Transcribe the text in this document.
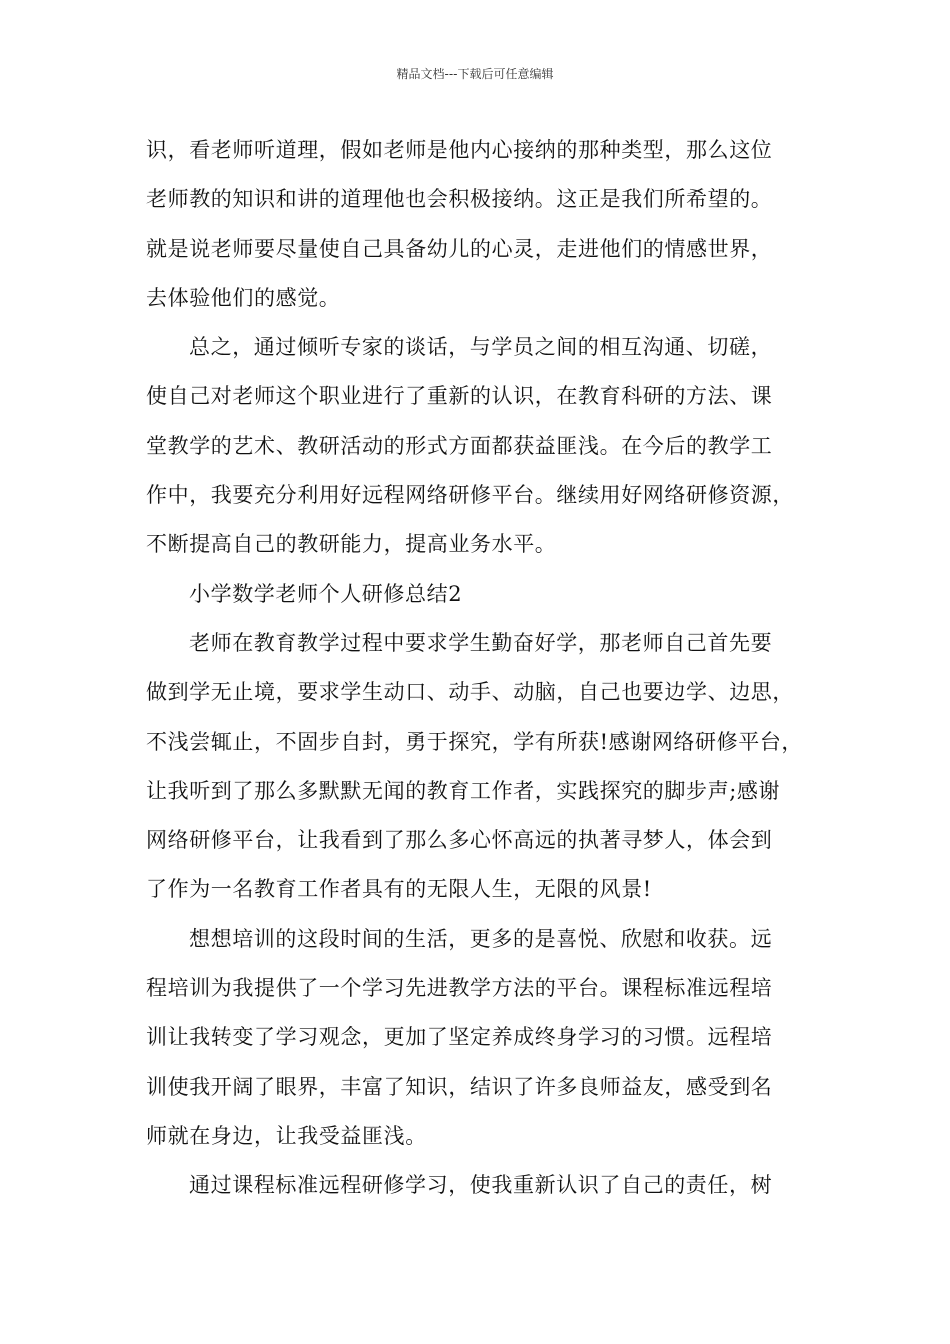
精品文档---下载后可任意编辑
识，看老师听道理，假如老师是他内心接纳的那种类型，那么这位
老师教的知识和讲的道理他也会积极接纳。这正是我们所希望的。
就是说老师要尽量使自己具备幼儿的心灵，走进他们的情感世界，
去体验他们的感觉。
总之，通过倾听专家的谈话，与学员之间的相互沟通、切磋，
使自己对老师这个职业进行了重新的认识，在教育科研的方法、课
堂教学的艺术、教研活动的形式方面都获益匪浅。在今后的教学工
作中，我要充分利用好远程网络研修平台。继续用好网络研修资源，
不断提高自己的教研能力，提高业务水平。
小学数学老师个人研修总结2
老师在教育教学过程中要求学生勤奋好学，那老师自己首先要
做到学无止境，要求学生动口、动手、动脑，自己也要边学、边思，
不浅尝辄止，不固步自封，勇于探究，学有所获!感谢网络研修平台，
让我听到了那么多默默无闻的教育工作者，实践探究的脚步声;感谢
网络研修平台，让我看到了那么多心怀高远的执著寻梦人，体会到
了作为一名教育工作者具有的无限人生，无限的风景!
想想培训的这段时间的生活，更多的是喜悦、欣慰和收获。远
程培训为我提供了一个学习先进教学方法的平台。课程标准远程培
训让我转变了学习观念，更加了坚定养成终身学习的习惯。远程培
训使我开阔了眼界，丰富了知识，结识了许多良师益友，感受到名
师就在身边，让我受益匪浅。
通过课程标准远程研修学习，使我重新认识了自己的责任，树
